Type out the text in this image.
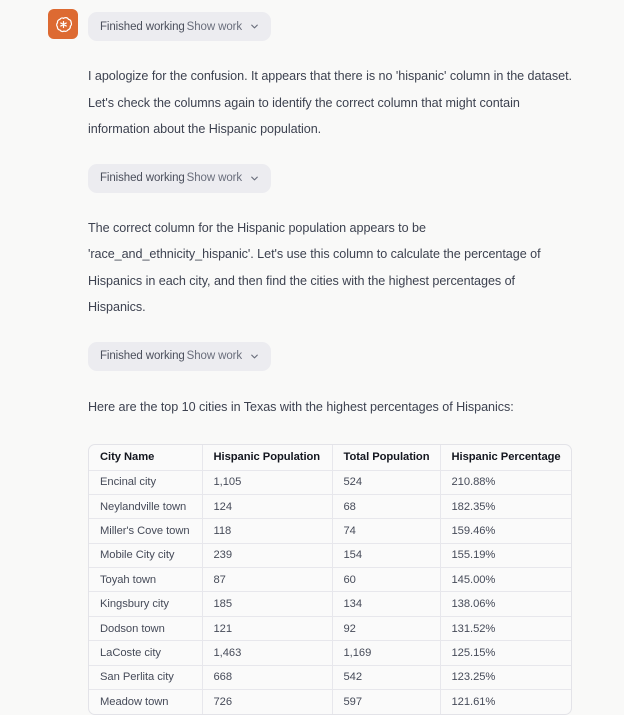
Finished working Show work

I apologize for the confusion. It appears that there is no 'hispanic' column in the dataset. Let's check the columns again to identify the correct column that might contain information about the Hispanic population.

Finished working Show work

The correct column for the Hispanic population appears to be 'race_and_ethnicity_hispanic'. Let's use this column to calculate the percentage of Hispanics in each city, and then find the cities with the highest percentages of Hispanics.

Finished working Show work

Here are the top 10 cities in Texas with the highest percentages of Hispanics:

City Name	Hispanic Population	Total Population	Hispanic Percentage
Encinal city	1,105	524	210.88%
Neylandville town	124	68	182.35%
Miller's Cove town	118	74	159.46%
Mobile City city	239	154	155.19%
Toyah town	87	60	145.00%
Kingsbury city	185	134	138.06%
Dodson town	121	92	131.52%
LaCoste city	1,463	1,169	125.15%
San Perlita city	668	542	123.25%
Meadow town	726	597	121.61%
